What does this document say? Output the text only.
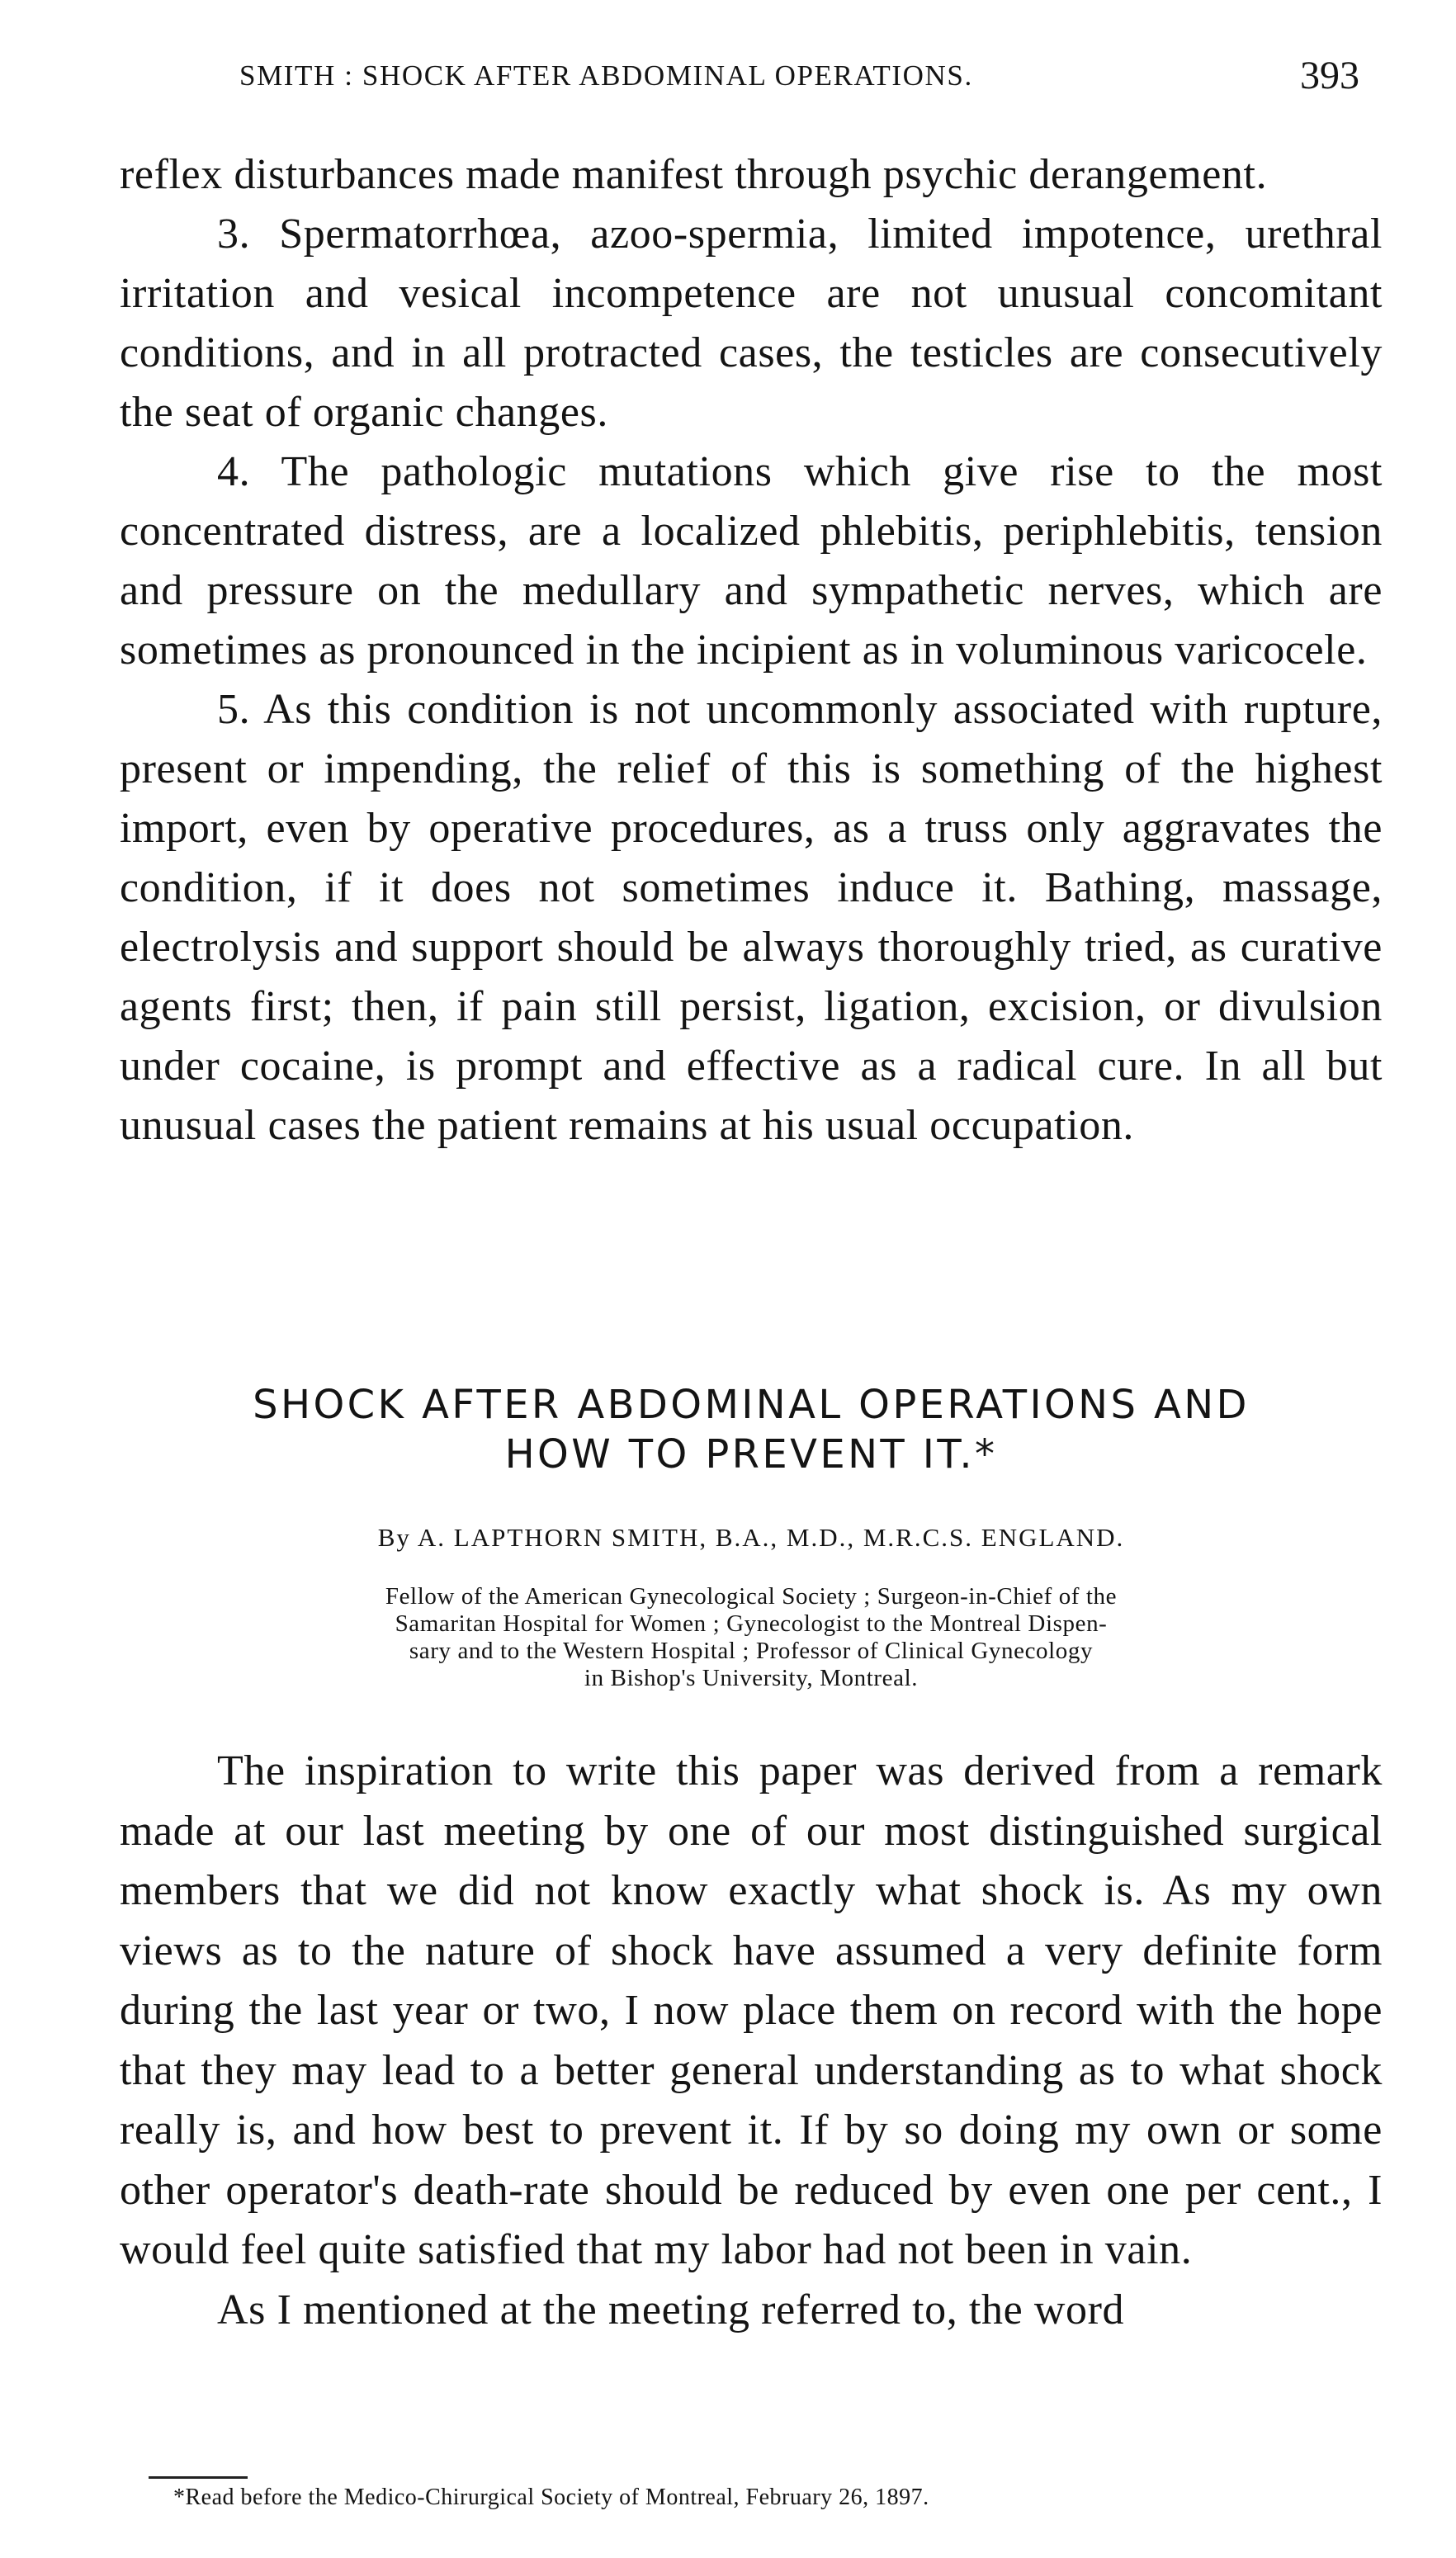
SMITH : SHOCK AFTER ABDOMINAL OPERATIONS.	393

reflex disturbances made manifest through psychic derangement.

3. Spermatorrhœa, azoo-spermia, limited impotence, urethral irritation and vesical incompetence are not unusual concomitant conditions, and in all protracted cases, the testicles are consecutively the seat of organic changes.

4. The pathologic mutations which give rise to the most concentrated distress, are a localized phlebitis, periphlebitis, tension and pressure on the medullary and sympathetic nerves, which are sometimes as pronounced in the incipient as in voluminous varicocele.

5. As this condition is not uncommonly associated with rupture, present or impending, the relief of this is something of the highest import, even by operative procedures, as a truss only aggravates the condition, if it does not sometimes induce it. Bathing, massage, electrolysis and support should be always thoroughly tried, as curative agents first; then, if pain still persist, ligation, excision, or divulsion under cocaine, is prompt and effective as a radical cure. In all but unusual cases the patient remains at his usual occupation.

SHOCK AFTER ABDOMINAL OPERATIONS AND
HOW TO PREVENT IT.*
By A. LAPTHORN SMITH, B.A., M.D., M.R.C.S. ENGLAND.
Fellow of the American Gynecological Society ; Surgeon-in-Chief of the
Samaritan Hospital for Women ; Gynecologist to the Montreal Dispen-
sary and to the Western Hospital ; Professor of Clinical Gynecology
in Bishop's University, Montreal.

The inspiration to write this paper was derived from a remark made at our last meeting by one of our most distinguished surgical members that we did not know exactly what shock is. As my own views as to the nature of shock have assumed a very definite form during the last year or two, I now place them on record with the hope that they may lead to a better general understanding as to what shock really is, and how best to prevent it. If by so doing my own or some other operator's death-rate should be reduced by even one per cent., I would feel quite satisfied that my labor had not been in vain.

As I mentioned at the meeting referred to, the word

*Read before the Medico-Chirurgical Society of Montreal, February 26, 1897.
